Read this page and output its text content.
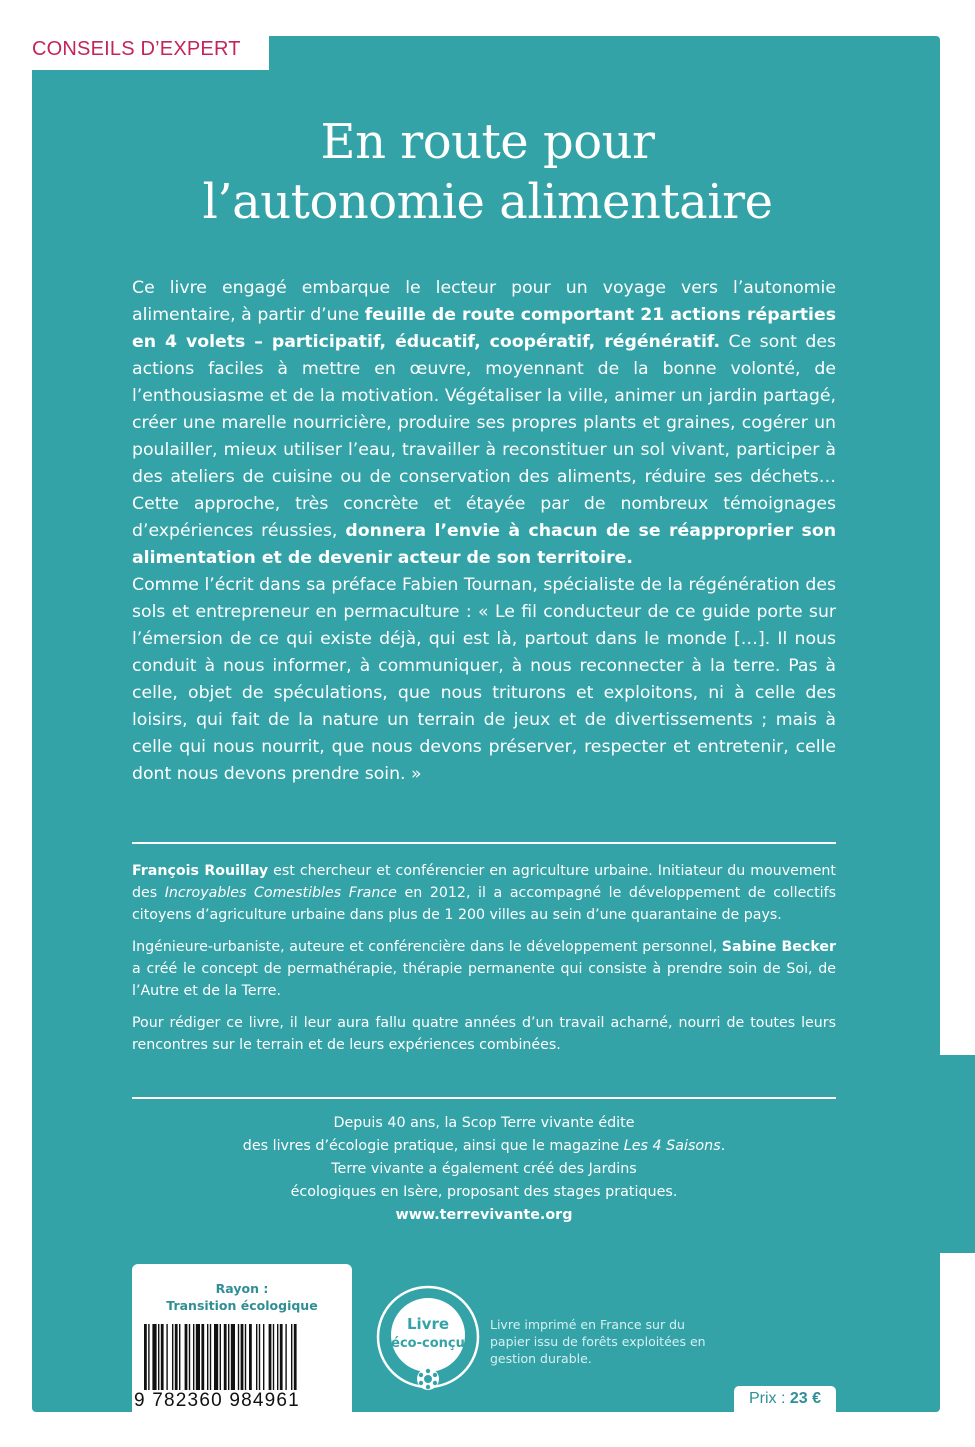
CONSEILS D’EXPERT
En route pour
l’autonomie alimentaire

Ce livre engagé embarque le lecteur pour un voyage vers l’autonomie alimentaire, à partir d’une feuille de route comportant 21 actions réparties en 4 volets – participatif, éducatif, coopératif, régénératif. Ce sont des actions faciles à mettre en œuvre, moyennant de la bonne volonté, de l’enthousiasme et de la motivation. Végétaliser la ville, animer un jardin partagé, créer une marelle nourricière, produire ses propres plants et graines, cogérer un poulailler, mieux utiliser l’eau, travailler à reconstituer un sol vivant, participer à des ateliers de cuisine ou de conservation des aliments, réduire ses déchets… Cette approche, très concrète et étayée par de nombreux témoignages d’expériences réussies, donnera l’envie à chacun de se réapproprier son alimentation et de devenir acteur de son territoire.

Comme l’écrit dans sa préface Fabien Tournan, spécialiste de la régénération des sols et entrepreneur en permaculture : « Le fil conducteur de ce guide porte sur l’émersion de ce qui existe déjà, qui est là, partout dans le monde […]. Il nous conduit à nous informer, à communiquer, à nous reconnecter à la terre. Pas à celle, objet de spéculations, que nous triturons et exploitons, ni à celle des loisirs, qui fait de la nature un terrain de jeux et de divertissements ; mais à celle qui nous nourrit, que nous devons préserver, respecter et entretenir, celle dont nous devons prendre soin. »

François Rouillay est chercheur et conférencier en agriculture urbaine. Initiateur du mouvement des Incroyables Comestibles France en 2012, il a accompagné le développement de collectifs citoyens d’agriculture urbaine dans plus de 1 200 villes au sein d’une quarantaine de pays.

Ingénieure-urbaniste, auteure et conférencière dans le développement personnel, Sabine Becker a créé le concept de permathérapie, thérapie permanente qui consiste à prendre soin de Soi, de l’Autre et de la Terre.

Pour rédiger ce livre, il leur aura fallu quatre années d’un travail acharné, nourri de toutes leurs rencontres sur le terrain et de leurs expériences combinées.

Depuis 40 ans, la Scop Terre vivante édite
des livres d’écologie pratique, ainsi que le magazine Les 4 Saisons.
Terre vivante a également créé des Jardins
écologiques en Isère, proposant des stages pratiques.
www.terrevivante.org
Rayon :
Transition écologique
9 782360 984961
Livre
éco-conçu
Livre imprimé en France sur du papier issu de forêts exploitées en gestion durable.
Prix : 23 €
